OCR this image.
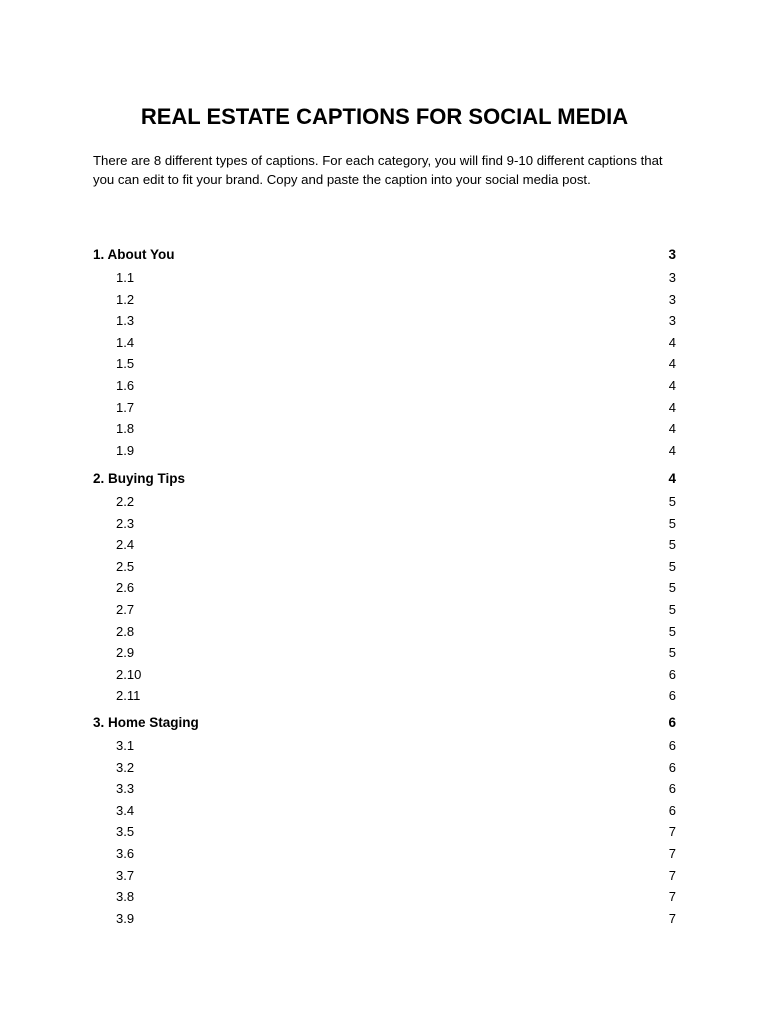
REAL ESTATE CAPTIONS FOR SOCIAL MEDIA

There are 8 different types of captions. For each category, you will find 9-10 different captions that you can edit to fit your brand. Copy and paste the caption into your social media post.

1. About You	3
1.1	3
1.2	3
1.3	3
1.4	4
1.5	4
1.6	4
1.7	4
1.8	4
1.9	4
2. Buying Tips	4
2.2	5
2.3	5
2.4	5
2.5	5
2.6	5
2.7	5
2.8	5
2.9	5
2.10	6
2.11	6
3. Home Staging	6
3.1	6
3.2	6
3.3	6
3.4	6
3.5	7
3.6	7
3.7	7
3.8	7
3.9	7
